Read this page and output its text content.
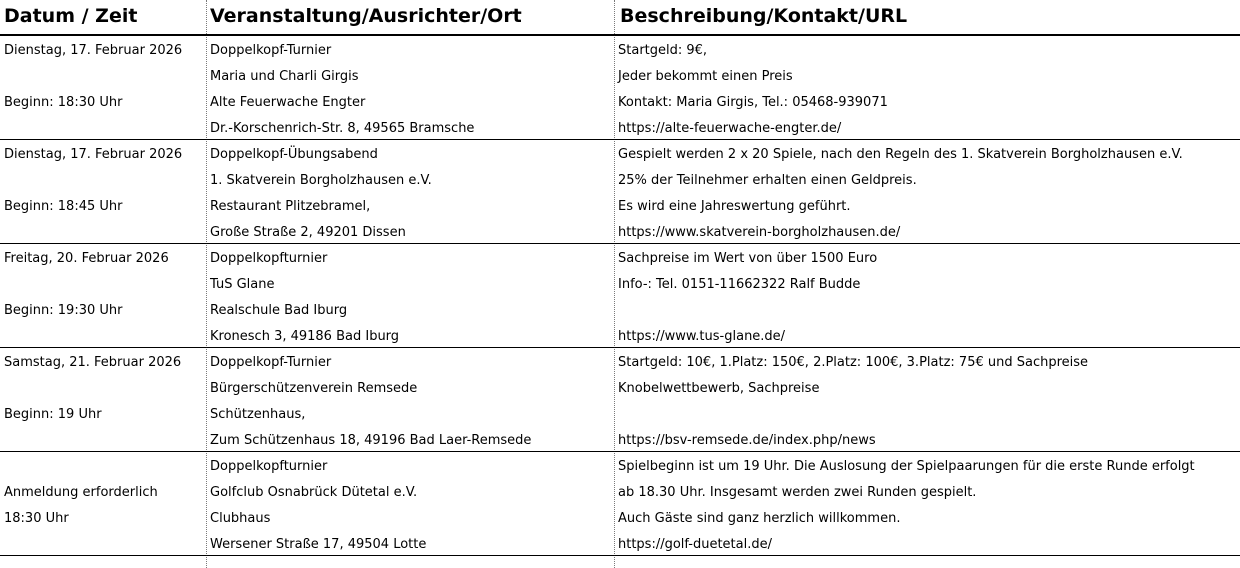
Datum / Zeit	Veranstaltung/Ausrichter/Ort	Beschreibung/Kontakt/URL
Dienstag, 17. Februar 2026
Beginn: 18:30 Uhr
Doppelkopf-Turnier
Maria und Charli Girgis
Alte Feuerwache Engter
Dr.-Korschenrich-Str. 8, 49565 Bramsche
Startgeld: 9€,
Jeder bekommt einen Preis
Kontakt: Maria Girgis, Tel.: 05468-939071
https://alte-feuerwache-engter.de/
Dienstag, 17. Februar 2026
Beginn: 18:45 Uhr
Doppelkopf-Übungsabend
1. Skatverein Borgholzhausen e.V.
Restaurant Plitzebramel,
Große Straße 2, 49201 Dissen
Gespielt werden 2 x 20 Spiele, nach den Regeln des 1. Skatverein Borgholzhausen e.V.
25% der Teilnehmer erhalten einen Geldpreis.
Es wird eine Jahreswertung geführt.
https://www.skatverein-borgholzhausen.de/
Freitag, 20. Februar 2026
Beginn: 19:30 Uhr
Doppelkopfturnier
TuS Glane
Realschule Bad Iburg
Kronesch 3, 49186 Bad Iburg
Sachpreise im Wert von über 1500 Euro
Info-: Tel. 0151-11662322 Ralf Budde
https://www.tus-glane.de/
Samstag, 21. Februar 2026
Beginn: 19 Uhr
Doppelkopf-Turnier
Bürgerschützenverein Remsede
Schützenhaus,
Zum Schützenhaus 18, 49196 Bad Laer-Remsede
Startgeld: 10€, 1.Platz: 150€, 2.Platz: 100€, 3.Platz: 75€ und Sachpreise
Knobelwettbewerb, Sachpreise
https://bsv-remsede.de/index.php/news
Anmeldung erforderlich
18:30 Uhr
Doppelkopfturnier
Golfclub Osnabrück Dütetal e.V.
Clubhaus
Wersener Straße 17, 49504 Lotte
Spielbeginn ist um 19 Uhr. Die Auslosung der Spielpaarungen für die erste Runde erfolgt
ab 18.30 Uhr. Insgesamt werden zwei Runden gespielt.
Auch Gäste sind ganz herzlich willkommen.
https://golf-duetetal.de/
